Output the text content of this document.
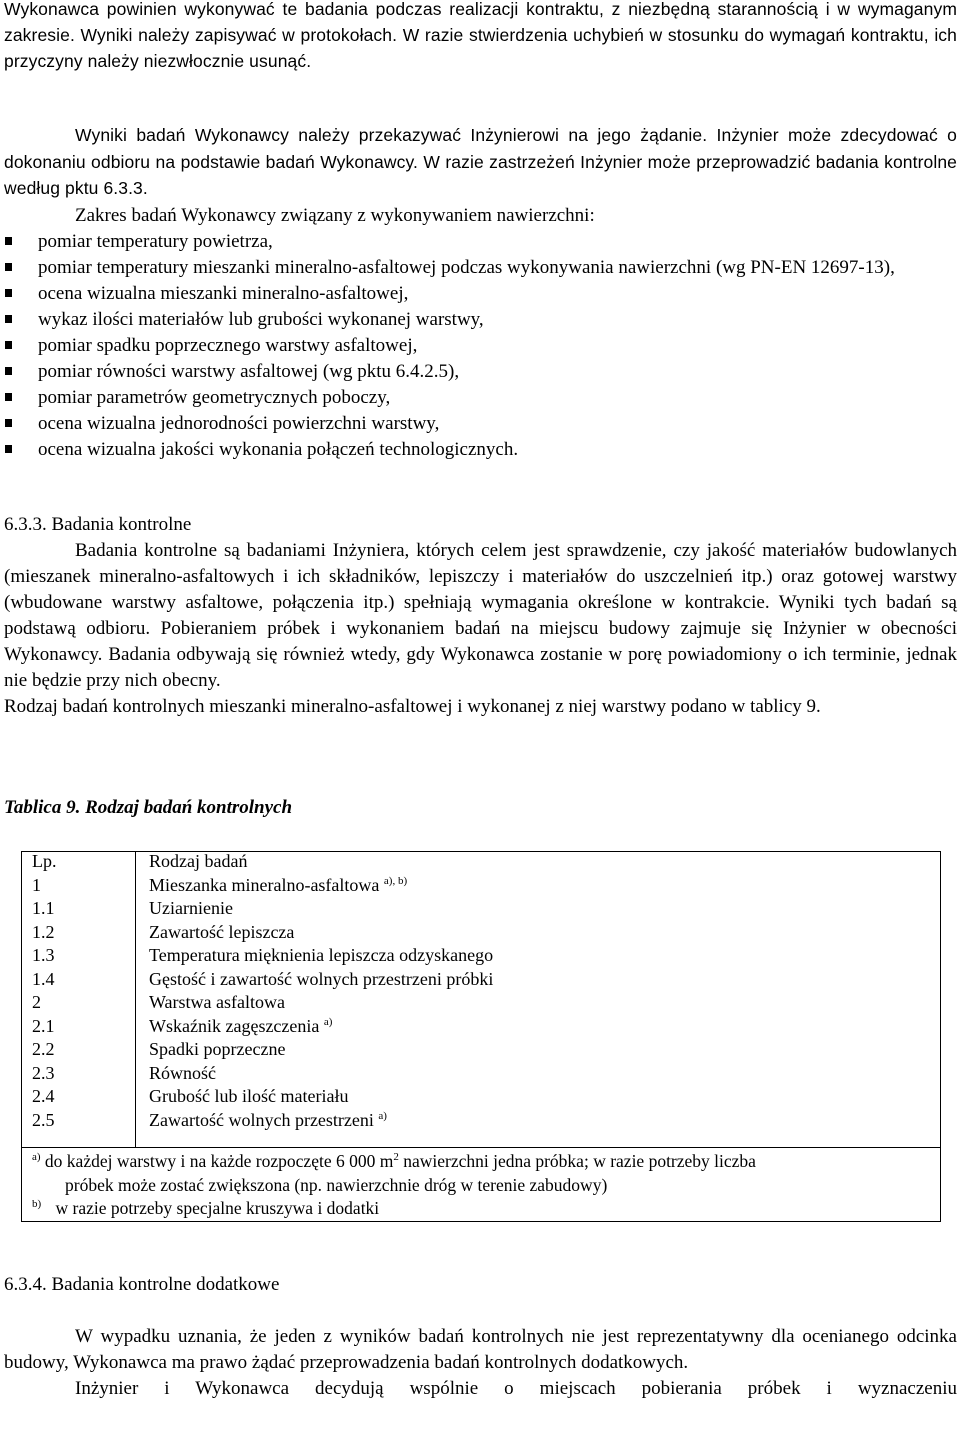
Wykonawca powinien wykonywać te badania podczas realizacji kontraktu, z niezbędną starannością i w wymaganym zakresie. Wyniki należy zapisywać w protokołach. W razie stwierdzenia uchybień w stosunku do wymagań kontraktu, ich przyczyny należy niezwłocznie usunąć.

Wyniki badań Wykonawcy należy przekazywać Inżynierowi na jego żądanie. Inżynier może zdecydować o dokonaniu odbioru na podstawie badań Wykonawcy. W razie zastrzeżeń Inżynier może przeprowadzić badania kontrolne według pktu 6.3.3.

Zakres badań Wykonawcy związany z wykonywaniem nawierzchni:

pomiar temperatury powietrza,
pomiar temperatury mieszanki mineralno-asfaltowej podczas wykonywania nawierzchni (wg PN-EN 12697-13),
ocena wizualna mieszanki mineralno-asfaltowej,
wykaz ilości materiałów lub grubości wykonanej warstwy,
pomiar spadku poprzecznego warstwy asfaltowej,
pomiar równości warstwy asfaltowej (wg pktu 6.4.2.5),
pomiar parametrów geometrycznych poboczy,
ocena wizualna jednorodności powierzchni warstwy,
ocena wizualna jakości wykonania połączeń technologicznych.

6.3.3. Badania kontrolne

Badania kontrolne są badaniami Inżyniera, których celem jest sprawdzenie, czy jakość materiałów budowlanych (mieszanek mineralno-asfaltowych i ich składników, lepiszczy i materiałów do uszczelnień itp.) oraz gotowej warstwy (wbudowane warstwy asfaltowe, połączenia itp.) spełniają wymagania określone w kontrakcie. Wyniki tych badań są podstawą odbioru. Pobieraniem próbek i wykonaniem badań na miejscu budowy zajmuje się Inżynier w obecności Wykonawcy. Badania odbywają się również wtedy, gdy Wykonawca zostanie w porę powiadomiony o ich terminie, jednak nie będzie przy nich obecny.

Rodzaj badań kontrolnych mieszanki mineralno-asfaltowej i wykonanej z niej warstwy podano w tablicy 9.

Tablica 9. Rodzaj badań kontrolnych

Lp.	Rodzaj badań
1	Mieszanka mineralno-asfaltowa $^{a), b)}$
1.1	Uziarnienie
1.2	Zawartość lepiszcza
1.3	Temperatura mięknienia lepiszcza odzyskanego
1.4	Gęstość i zawartość wolnych przestrzeni próbki
2	Warstwa asfaltowa
2.1	Wskaźnik zagęszczenia $^{a)}$
2.2	Spadki poprzeczne
2.3	Równość
2.4	Grubość lub ilość materiału
2.5	Zawartość wolnych przestrzeni $^{a)}$
$^{a)}$ do każdej warstwy i na każde rozpoczęte 6 000 $m^2$ nawierzchni jedna próbka; w razie potrzeby liczba
próbek może zostać zwiększona (np. nawierzchnie dróg w terenie zabudowy)
$^{b)}$ w razie potrzeby specjalne kruszywa i dodatki

6.3.4. Badania kontrolne dodatkowe

W wypadku uznania, że jeden z wyników badań kontrolnych nie jest reprezentatywny dla ocenianego odcinka budowy, Wykonawca ma prawo żądać przeprowadzenia badań kontrolnych dodatkowych.

Inżynier i Wykonawca decydują wspólnie o miejscach pobierania próbek i wyznaczeniu
